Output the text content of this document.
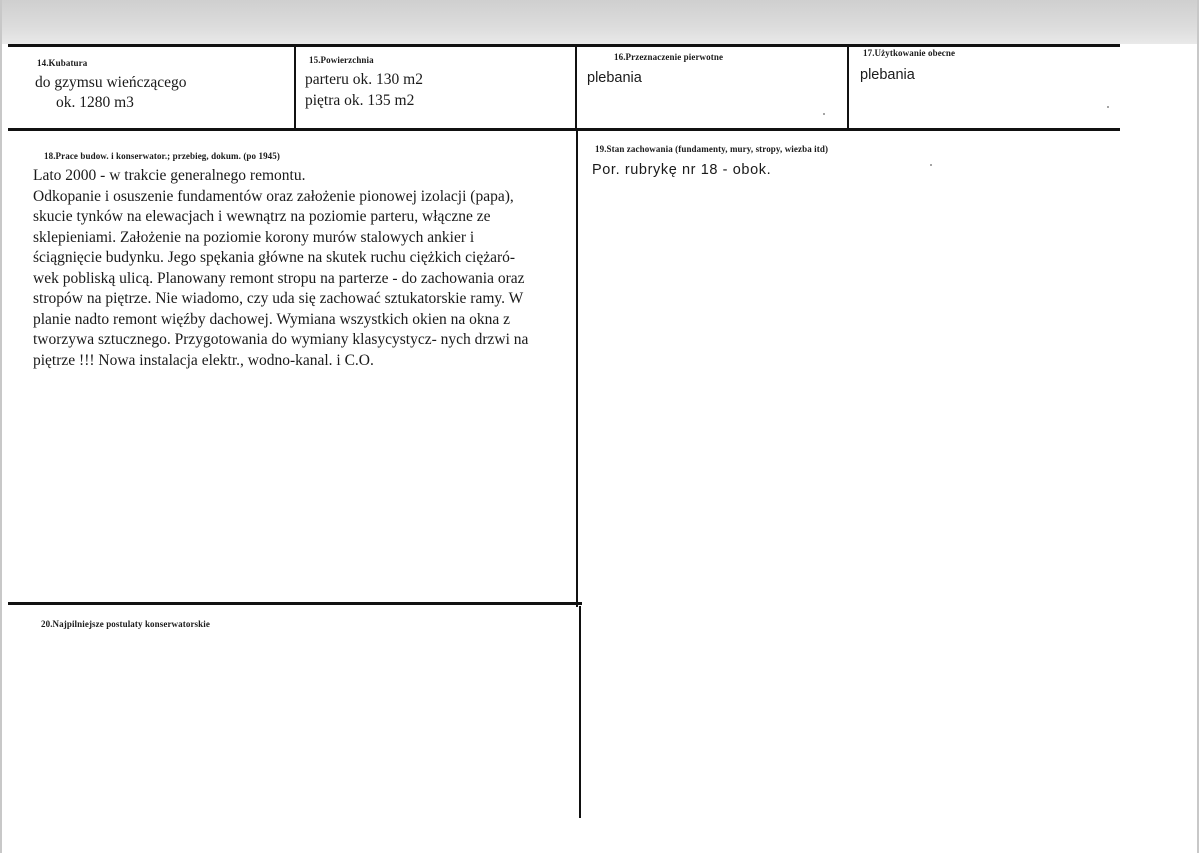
14.Kubatura
do gzymsu wieńczącego
ok. 1280 m3
15.Powierzchnia
parteru ok. 130 m2
piętra ok. 135 m2
16.Przeznaczenie pierwotne
plebania
17.Użytkowanie obecne
plebania
18.Prace budow. i konserwator.; przebieg, dokum. (po 1945)
Lato 2000 - w trakcie generalnego remontu.
Odkopanie i osuszenie fundamentów oraz założenie pionowej izolacji (papa),
skucie tynków na elewacjach i wewnątrz na poziomie parteru, włączne ze
sklepieniami. Założenie na poziomie korony murów stalowych ankier i
ściągnięcie budynku. Jego spękania główne na skutek ruchu ciężkich ciężaró-
wek pobliską ulicą. Planowany remont stropu na parterze - do zachowania oraz
stropów na piętrze. Nie wiadomo, czy uda się zachować sztukatorskie ramy. W
planie nadto remont więźby dachowej. Wymiana wszystkich okien na okna z
tworzywa sztucznego. Przygotowania do wymiany klasycystycz- nych drzwi na
piętrze !!! Nowa instalacja elektr., wodno-kanal. i C.O.
19.Stan zachowania (fundamenty, mury, stropy, wiezba itd)
Por. rubrykę nr 18 - obok.
20.Najpilniejsze postulaty konserwatorskie
